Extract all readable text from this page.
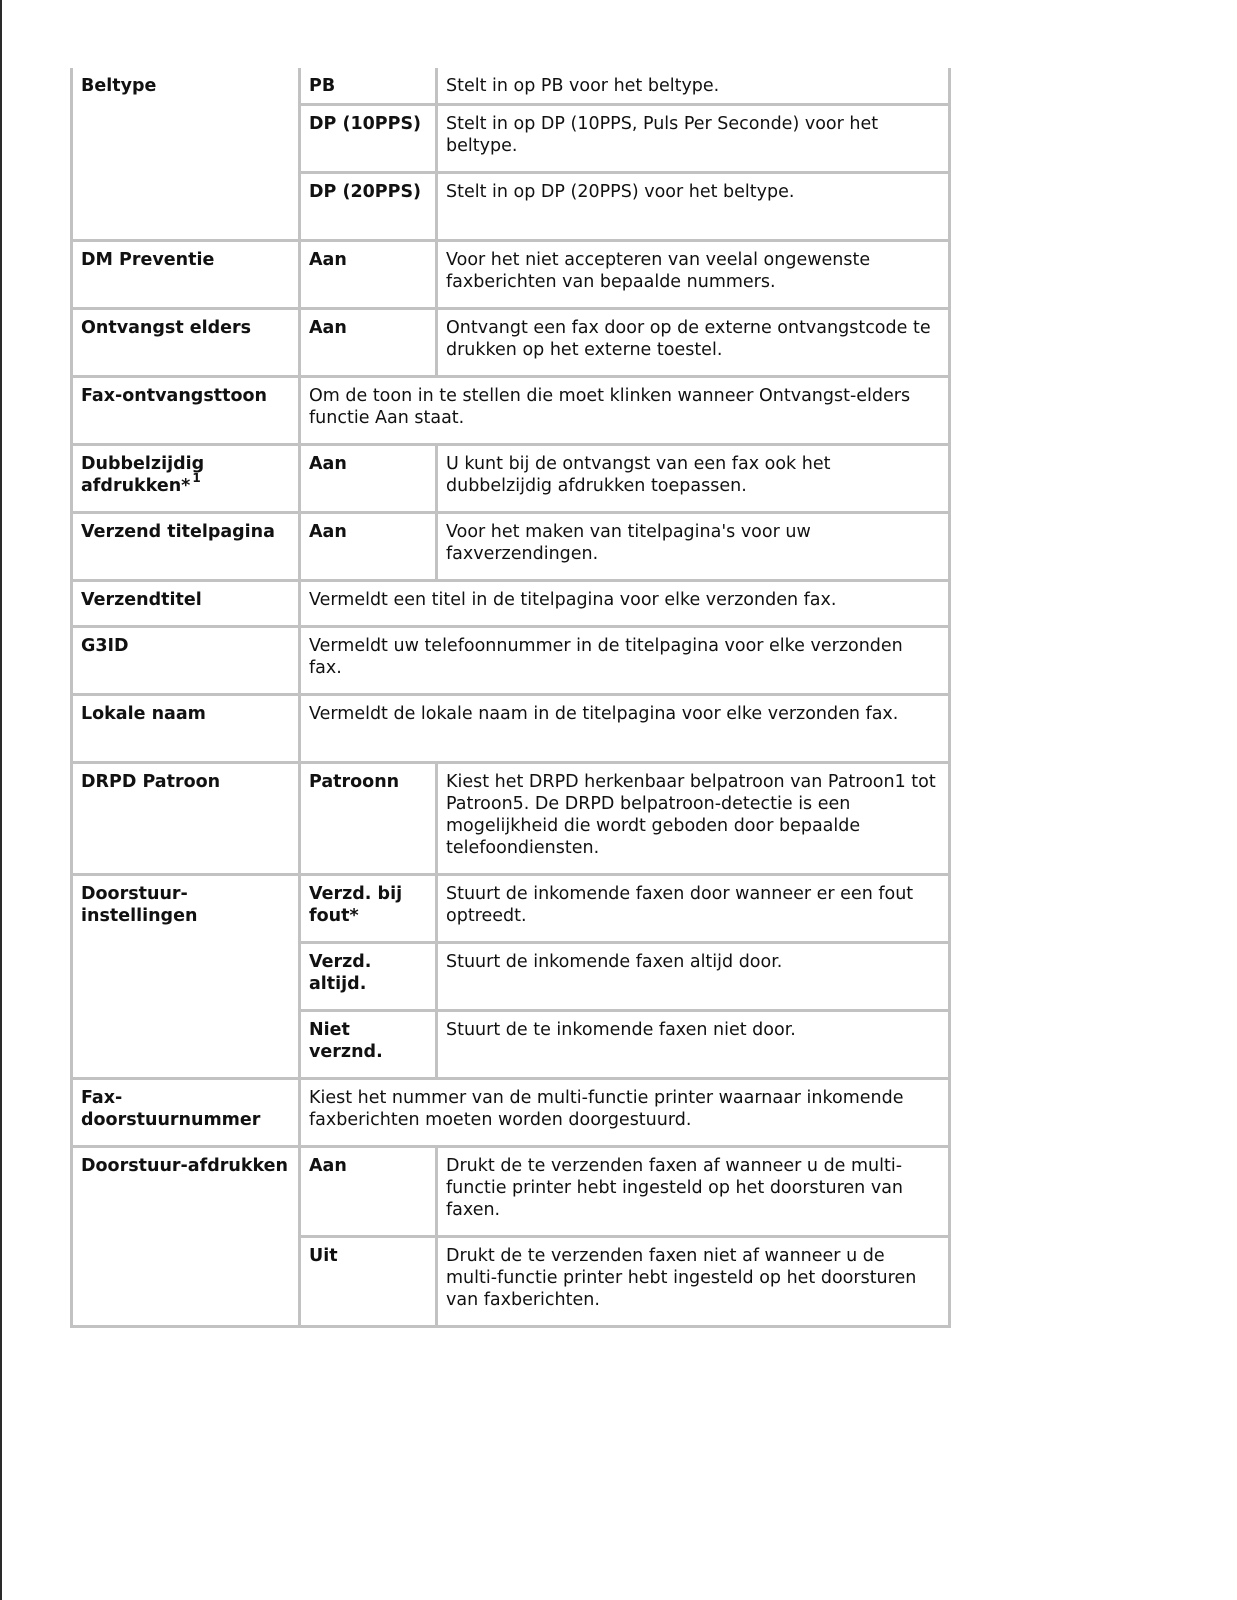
Beltype	PB	Stelt in op PB voor het beltype.
	DP (10PPS)	Stelt in op DP (10PPS, Puls Per Seconde) voor het beltype.
	DP (20PPS)	Stelt in op DP (20PPS) voor het beltype.
DM Preventie	Aan	Voor het niet accepteren van veelal ongewenste faxberichten van bepaalde nummers.
Ontvangst elders	Aan	Ontvangt een fax door op de externe ontvangstcode te drukken op het externe toestel.
Fax-ontvangsttoon	Om de toon in te stellen die moet klinken wanneer Ontvangst-elders functie Aan staat.	
Dubbelzijdig afdrukken* $^1$	Aan	U kunt bij de ontvangst van een fax ook het dubbelzijdig afdrukken toepassen.
Verzend titelpagina	Aan	Voor het maken van titelpagina's voor uw faxverzendingen.
Verzendtitel	Vermeldt een titel in de titelpagina voor elke verzonden fax.	
G3ID	Vermeldt uw telefoonnummer in de titelpagina voor elke verzonden fax.	
Lokale naam	Vermeldt de lokale naam in de titelpagina voor elke verzonden fax.	
DRPD Patroon	Patroonn	Kiest het DRPD herkenbaar belpatroon van Patroon1 tot Patroon5. De DRPD belpatroon-detectie is een mogelijkheid die wordt geboden door bepaalde telefoondiensten.
Doorstuur-instellingen	Verzd. bij fout*	Stuurt de inkomende faxen door wanneer er een fout optreedt.
	Verzd. altijd.	Stuurt de inkomende faxen altijd door.
	Niet verznd.	Stuurt de te inkomende faxen niet door.
Fax-doorstuurnummer	Kiest het nummer van de multi-functie printer waarnaar inkomende faxberichten moeten worden doorgestuurd.	
Doorstuur-afdrukken	Aan	Drukt de te verzenden faxen af wanneer u de multi-functie printer hebt ingesteld op het doorsturen van faxen.
	Uit	Drukt de te verzenden faxen niet af wanneer u de multi-functie printer hebt ingesteld op het doorsturen van faxberichten.
